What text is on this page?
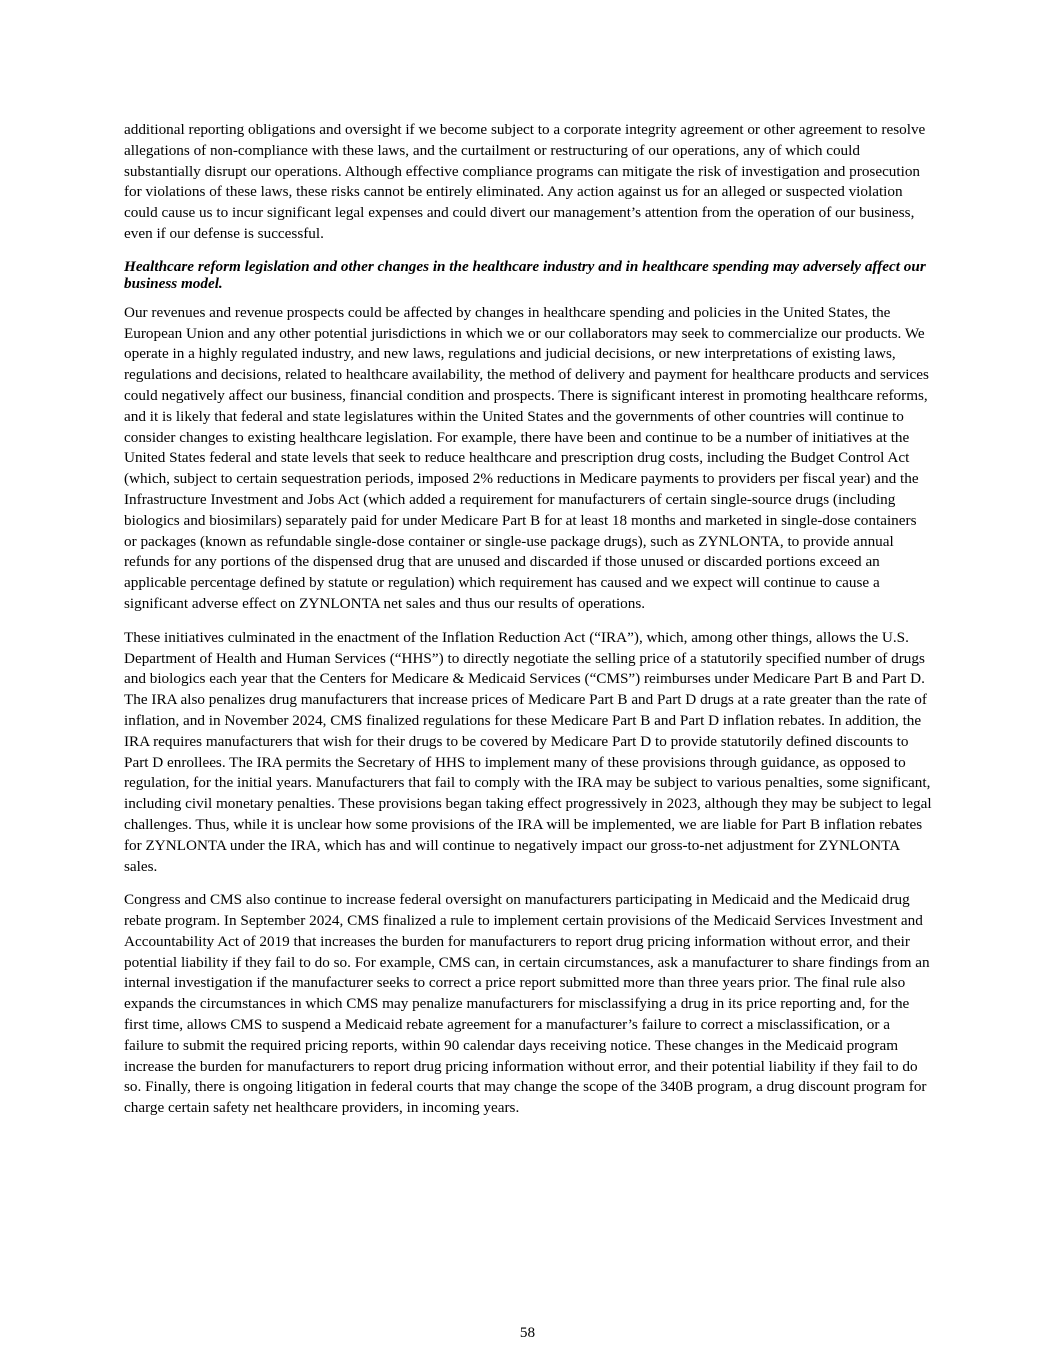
additional reporting obligations and oversight if we become subject to a corporate integrity agreement or other agreement to resolve allegations of non-compliance with these laws, and the curtailment or restructuring of our operations, any of which could substantially disrupt our operations. Although effective compliance programs can mitigate the risk of investigation and prosecution for violations of these laws, these risks cannot be entirely eliminated. Any action against us for an alleged or suspected violation could cause us to incur significant legal expenses and could divert our management’s attention from the operation of our business, even if our defense is successful.

Healthcare reform legislation and other changes in the healthcare industry and in healthcare spending may adversely affect our business model.

Our revenues and revenue prospects could be affected by changes in healthcare spending and policies in the United States, the European Union and any other potential jurisdictions in which we or our collaborators may seek to commercialize our products. We operate in a highly regulated industry, and new laws, regulations and judicial decisions, or new interpretations of existing laws, regulations and decisions, related to healthcare availability, the method of delivery and payment for healthcare products and services could negatively affect our business, financial condition and prospects. There is significant interest in promoting healthcare reforms, and it is likely that federal and state legislatures within the United States and the governments of other countries will continue to consider changes to existing healthcare legislation. For example, there have been and continue to be a number of initiatives at the United States federal and state levels that seek to reduce healthcare and prescription drug costs, including the Budget Control Act (which, subject to certain sequestration periods, imposed 2% reductions in Medicare payments to providers per fiscal year) and the Infrastructure Investment and Jobs Act (which added a requirement for manufacturers of certain single-source drugs (including biologics and biosimilars) separately paid for under Medicare Part B for at least 18 months and marketed in single-dose containers or packages (known as refundable single-dose container or single-use package drugs), such as ZYNLONTA, to provide annual refunds for any portions of the dispensed drug that are unused and discarded if those unused or discarded portions exceed an applicable percentage defined by statute or regulation) which requirement has caused and we expect will continue to cause a significant adverse effect on ZYNLONTA net sales and thus our results of operations.

These initiatives culminated in the enactment of the Inflation Reduction Act (“IRA”), which, among other things, allows the U.S. Department of Health and Human Services (“HHS”) to directly negotiate the selling price of a statutorily specified number of drugs and biologics each year that the Centers for Medicare & Medicaid Services (“CMS”) reimburses under Medicare Part B and Part D. The IRA also penalizes drug manufacturers that increase prices of Medicare Part B and Part D drugs at a rate greater than the rate of inflation, and in November 2024, CMS finalized regulations for these Medicare Part B and Part D inflation rebates. In addition, the IRA requires manufacturers that wish for their drugs to be covered by Medicare Part D to provide statutorily defined discounts to Part D enrollees. The IRA permits the Secretary of HHS to implement many of these provisions through guidance, as opposed to regulation, for the initial years. Manufacturers that fail to comply with the IRA may be subject to various penalties, some significant, including civil monetary penalties. These provisions began taking effect progressively in 2023, although they may be subject to legal challenges. Thus, while it is unclear how some provisions of the IRA will be implemented, we are liable for Part B inflation rebates for ZYNLONTA under the IRA, which has and will continue to negatively impact our gross-to-net adjustment for ZYNLONTA sales.

Congress and CMS also continue to increase federal oversight on manufacturers participating in Medicaid and the Medicaid drug rebate program. In September 2024, CMS finalized a rule to implement certain provisions of the Medicaid Services Investment and Accountability Act of 2019 that increases the burden for manufacturers to report drug pricing information without error, and their potential liability if they fail to do so. For example, CMS can, in certain circumstances, ask a manufacturer to share findings from an internal investigation if the manufacturer seeks to correct a price report submitted more than three years prior. The final rule also expands the circumstances in which CMS may penalize manufacturers for misclassifying a drug in its price reporting and, for the first time, allows CMS to suspend a Medicaid rebate agreement for a manufacturer’s failure to correct a misclassification, or a failure to submit the required pricing reports, within 90 calendar days receiving notice. These changes in the Medicaid program increase the burden for manufacturers to report drug pricing information without error, and their potential liability if they fail to do so. Finally, there is ongoing litigation in federal courts that may change the scope of the 340B program, a drug discount program for charge certain safety net healthcare providers, in incoming years.

58
